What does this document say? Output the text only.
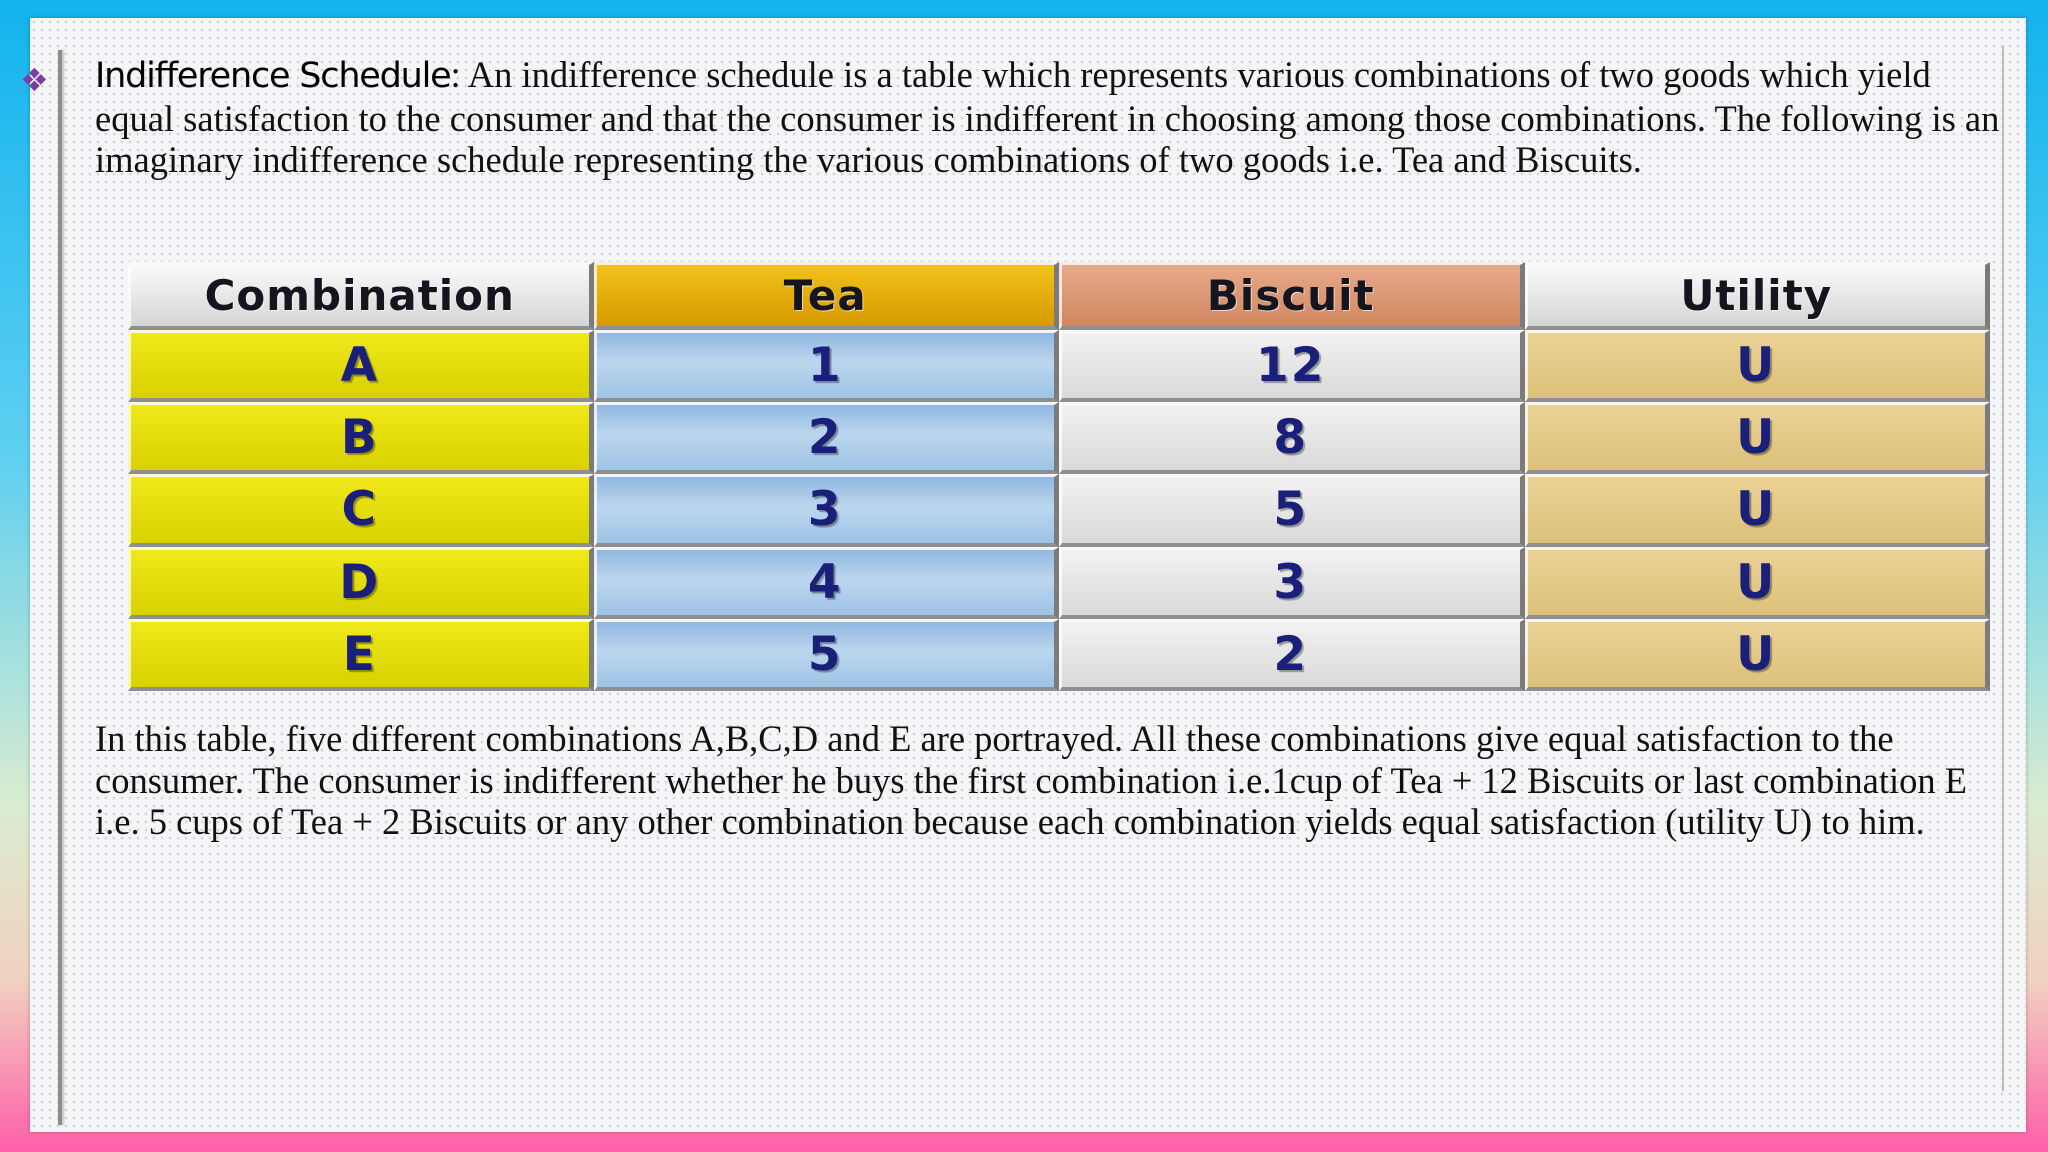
❖	Indifference Schedule: An indifference schedule is a table which represents various combinations of two goods which yield equal satisfaction to the consumer and that the consumer is indifferent in choosing among those combinations. The following is an imaginary indifference schedule representing the various combinations of two goods i.e. Tea and Biscuits.

Combination	Tea	Biscuit	Utility
A	1	12	U
B	2	8	U
C	3	5	U
D	4	3	U
E	5	2	U

In this table, five different combinations A,B,C,D and E are portrayed. All these combinations give equal satisfaction to the consumer. The consumer is indifferent whether he buys the first combination i.e.1cup of Tea + 12 Biscuits or last combination E i.e. 5 cups of Tea + 2 Biscuits or any other combination because each combination yields equal satisfaction (utility U) to him.
